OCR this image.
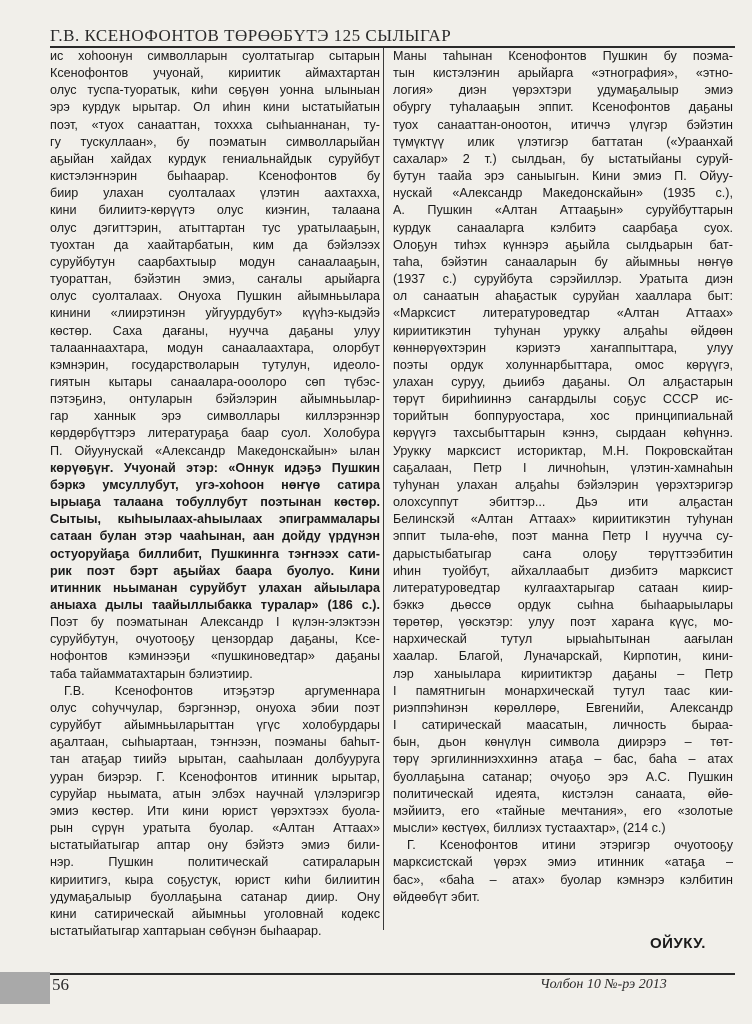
Г.В. КСЕНОФОНТОВ ТӨРӨӨБҮТЭ 125 СЫЛЫГАР
ис хоһоонун символларын суолтатыгар сытарын
Ксенофонтов учуонай, кириитик аймахтартан
олус туспа-туоратык, киһи сөҕүөн уонна ылыныан
эрэ курдук ырытар. Ол иһин кини ыстатыйатын
поэт, «туох санааттан, тоххха сыһыаннанан, ту-
гу тускуллаан», бу поэматын символларыйан
аҕыйан хайдах курдук гениальнайдык суруйбут
кистэлэҥнэрин быһаарар. Ксенофонтов бу
биир улахан суолталаах үлэтин аахтахха,
кини билиитэ-көрүүтэ олус киэҥин, талаана
олус дэгиттэрин, атыттартан тус уратылааҕын,
туохтан да хаайтарбатын, ким да бэйэлээх
суруйбутун саарбахтыыр модун санаалааҕын,
туораттан, бэйэтин эмиэ, саҥалы арыйарга
олус суолталаах. Онуоха Пушкин айымньылара
кинини «лиирэтинэн уйгуурдубут» күүһэ-кыдэйэ
көстөр. Саха дағаны, нуучча даҕаны улуу
талааннаахтара, модун санаалаахтара, олорбут
кэмнэрин, государстволарын тутулун, идеоло-
гиятын кытары санаалара-ооолоро сөп түбэс-
пэтэҕинэ, онтуларын бэйэлэрин айымньылар-
гар ханнык эрэ символлары киллэрэннэр
көрдөрбүттэрэ литератураҕа баар суол. Холобура
П. Ойуунускай «Александр Македонскайын» ылан
көрүөҕүҥ. Учуонай этэр: «Оннук идэҕэ Пушкин
бэркэ умсуллубут, угэ-хоһоон нөҥүө сатира
ырыаҕа талаана тобуллубут поэтынан көстөр.
Сытыы, кыһыылаах-аһыылаах эпиграммалары
сатаан булан этэр чааһынан, аан дойду үрдүнэн
остуоруйаҕа биллибит, Пушкиннга тэҥнээх сати-
рик поэт бэрт аҕыйах баара буолуо. Кини
итинник ньыманан суруйбут улахан айыылара
аныаха дылы таайыллыбакка туралар» (186 с.).
Поэт бу поэматынан Александр I күлэн-элэктээн
суруйбутун, очуотооҕу цензордар даҕаны, Ксе-
нофонтов кэминээҕи «пушкиноведтар» даҕаны
таба тайамматахтарын бэлиэтиир.
Г.В. Ксенофонтов итэҕэтэр аргуменнара
олус соһуччулар, бэргэннэр, онуоха эбии поэт
суруйбут айымньыларыттан үгүс холобурдары
аҕалтаан, сыһыартаан, тэҥнээн, поэманы баһыт-
тан атаҕар тиийэ ырытан, сааһылаан долбууруга
ууран биэрэр. Г. Ксенофонтов итинник ырытар,
суруйар ньымата, атын элбэх научнай үлэлэригэр
эмиэ көстөр. Ити кини юрист үөрэхтээх буола-
рын сүрүн уратыта буолар. «Алтан Аттаах»
ыстатыйатыгар аптар ону бэйэтэ эмиэ били-
нэр. Пушкин политическай сатираларын
кириитигэ, кыра соҕустук, юрист киһи билиитин
удумаҕалыыр буоллаҕына сатанар диир. Ону
кини сатирическай айымньы уголовнай кодекс
ыстатыйатыгар хаптарыан сөбүнэн быһаарар.
Маны таһынан Ксенофонтов Пушкин бу поэма-
тын кистэлэҥин арыйарга «этнография», «этно-
логия» диэн үөрэхтэри удумаҕалыыр эмиэ
обургу туһалааҕын эппит. Ксенофонтов даҕаны
туох санааттан-оноотон, итиччэ үлүгэр бэйэтин
түмүктүү илик үлэтигэр баттатан («Ураанхай
сахалар» 2 т.) сылдьан, бу ыстатыйаны суруй-
бутун таайа эрэ саныыгын. Кини эмиэ П. Ойуу-
нускай «Александр Македонскайын» (1935 с.),
А. Пушкин «Алтан Аттааҕын» суруйбуттарын
курдук санааларга кэлбитэ саарбаҕа суох.
Олоҕун тиһэх күннэрэ аҕыйла сылдьарын бат-
таһа, бэйэтин санааларын бу айымньы нөҥүө
(1937 с.) суруйбута сэрэйиллэр. Уратыта диэн
ол санаатын аһаҕастык суруйан хааллара быт:
«Марксист литературоведтар «Алтан Аттаах»
кириитикэтин туһунан урукку алҕаһы өйдөөн
көннөрүөхтэрин кэриэтэ хаҥаппыттара, улуу
поэты ордук холуннарбыттара, омос көрүүгэ,
улахан суруу, дьиибэ даҕаны. Ол алҕастарын
төрүт бириһииннэ саҥардылы соҕус СССР ис-
торийтын боппуруостара, хос принципиальнай
көрүүгэ тахсыбыттарын кэннэ, сырдаан көһүннэ.
Урукку марксист историктар, М.Н. Покровскайтан
саҕалаан, Петр I личноһын, үлэтин-хамнаһын
туһунан улахан алҕаһы бэйэлэрин үөрэхтэригэр
олохсуппут эбиттэр... Дьэ ити алҕастан
Белинскэй «Алтан Аттаах» кириитикэтин туһунан
эппит тыла-өһө, поэт манна Петр I нуучча су-
дарыстыбатыгар саҥа олоҕу төрүттээбитин
иһин туойбут, айхаллаабыт диэбитэ марксист
литературоведтар кулгаахтарыгар сатаан киир-
бэккэ дьөссө ордук сыһна быһаарыылары
төрөтөр, үөскэтэр: улуу поэт хараҥа күүс, мо-
нархическай тутул ырыаһытынан аағылан
хаалар. Благой, Луначарскай, Кирпотин, кини-
лэр ханыылара кириитиктэр даҕаны – Петр
I памятнигын монархическай тутул таас кии-
риэппэһинэн көрөллөрө, Евгенийи, Александр
I сатирическай маасатын, личность быраа-
бын, дьон көнүлүн символа диирэрэ – төт-
төрү эргилинниэххиннэ атаҕа – бас, баһа – атах
буоллаҕына сатанар; очуоҕо эрэ А.С. Пушкин
политическай идеята, кистэлэн санаата, өйө-
мэйиитэ, его «тайные мечтания», его «золотые
мысли» көстүөх, биллиэх тустаахтар», (214 с.)
Г. Ксенофонтов итини этэригэр очуотооҕу
марксистскай үөрэх эмиэ итинник «атаҕа –
бас», «баһа – атах» буолар кэмнэрэ кэлбитин
өйдөөбүт эбит.
ОЙУКУ.
56	Чолбон 10 №-рэ 2013
